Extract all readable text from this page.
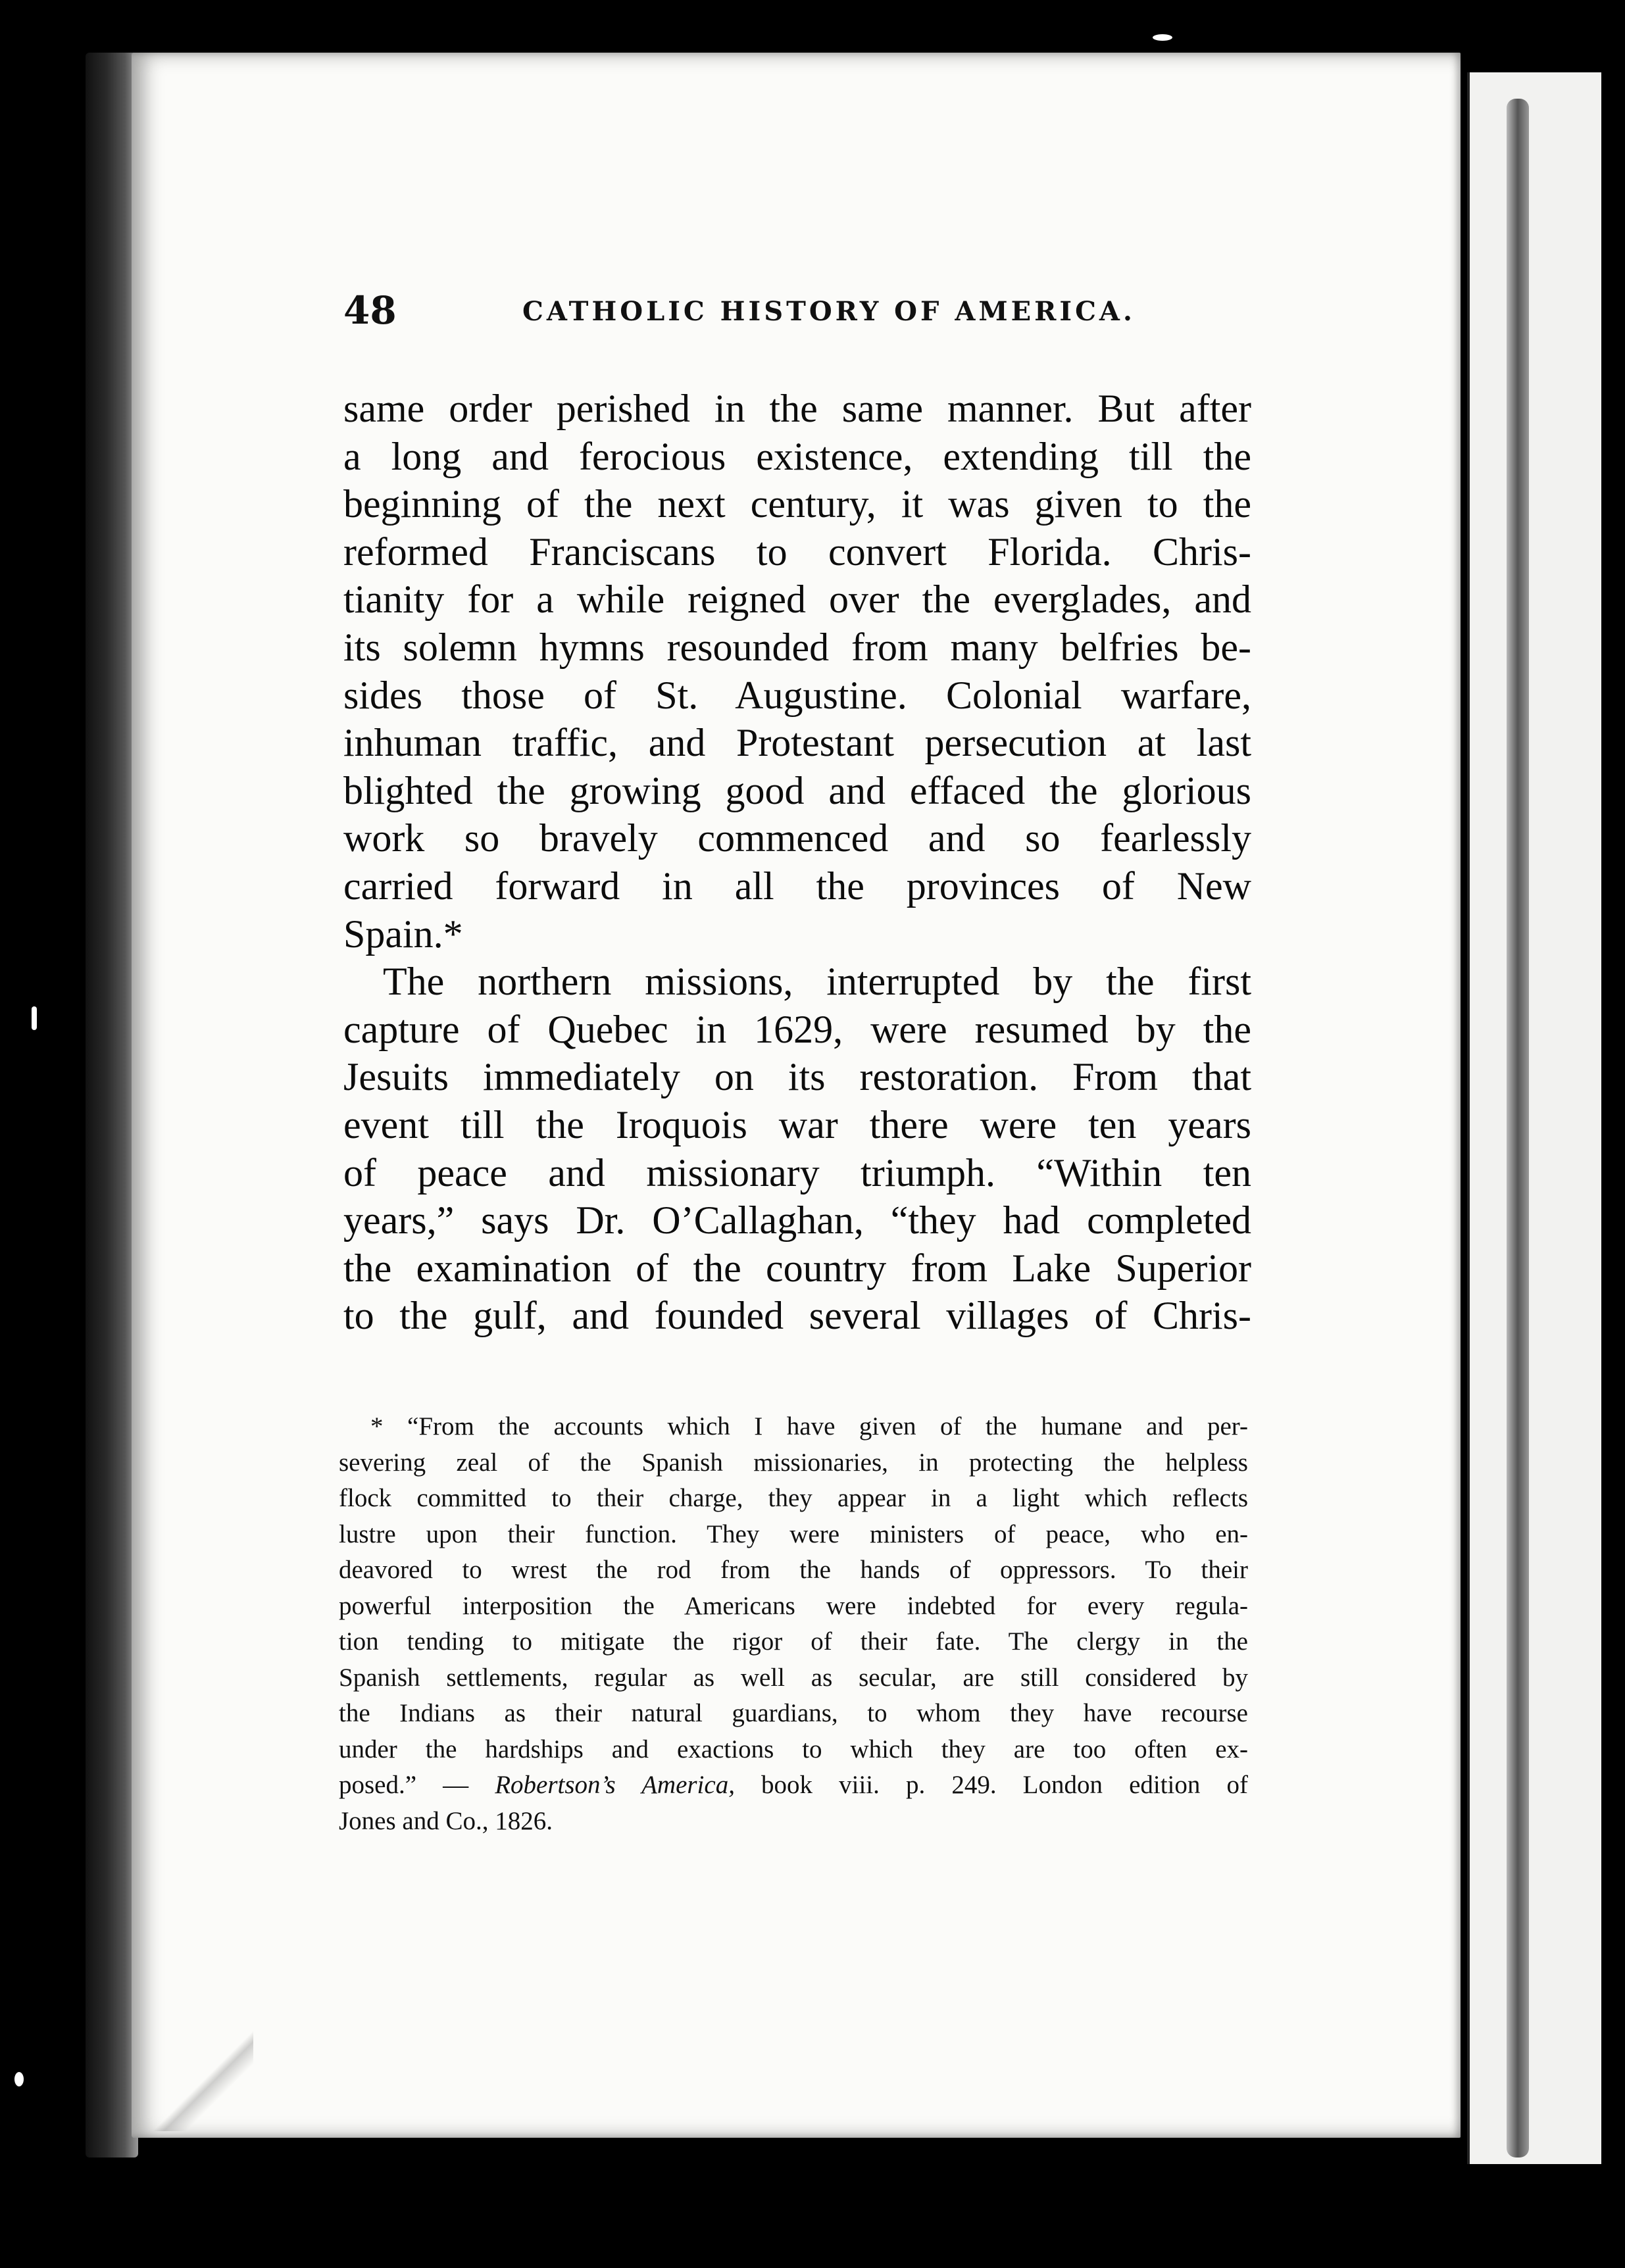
48	CATHOLIC HISTORY OF AMERICA.
same order perished in the same manner. But after
a long and ferocious existence, extending till the
beginning of the next century, it was given to the
reformed Franciscans to convert Florida. Chris-
tianity for a while reigned over the everglades, and
its solemn hymns resounded from many belfries be-
sides those of St. Augustine. Colonial warfare,
inhuman traffic, and Protestant persecution at last
blighted the growing good and effaced the glorious
work so bravely commenced and so fearlessly
carried forward in all the provinces of New
Spain.*
The northern missions, interrupted by the first
capture of Quebec in 1629, were resumed by the
Jesuits immediately on its restoration. From that
event till the Iroquois war there were ten years
of peace and missionary triumph. “Within ten
years,” says Dr. O’Callaghan, “they had completed
the examination of the country from Lake Superior
to the gulf, and founded several villages of Chris-
* “From the accounts which I have given of the humane and per-
severing zeal of the Spanish missionaries, in protecting the helpless
flock committed to their charge, they appear in a light which reflects
lustre upon their function. They were ministers of peace, who en-
deavored to wrest the rod from the hands of oppressors. To their
powerful interposition the Americans were indebted for every regula-
tion tending to mitigate the rigor of their fate. The clergy in the
Spanish settlements, regular as well as secular, are still considered by
the Indians as their natural guardians, to whom they have recourse
under the hardships and exactions to which they are too often ex-
posed.” — Robertson’s America, book viii. p. 249. London edition of
Jones and Co., 1826.
